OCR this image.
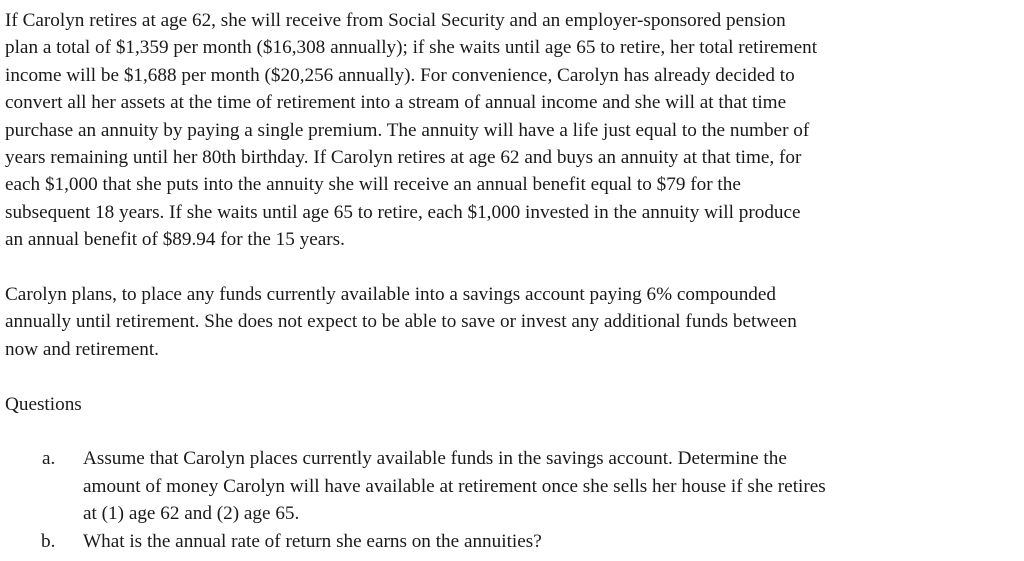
If Carolyn retires at age 62, she will receive from Social Security and an employer-sponsored pension
plan a total of $1,359 per month ($16,308 annually); if she waits until age 65 to retire, her total retirement
income will be $1,688 per month ($20,256 annually). For convenience, Carolyn has already decided to
convert all her assets at the time of retirement into a stream of annual income and she will at that time
purchase an annuity by paying a single premium. The annuity will have a life just equal to the number of
years remaining until her 80th birthday. If Carolyn retires at age 62 and buys an annuity at that time, for
each $1,000 that she puts into the annuity she will receive an annual benefit equal to $79 for the
subsequent 18 years. If she waits until age 65 to retire, each $1,000 invested in the annuity will produce
an annual benefit of $89.94 for the 15 years.

Carolyn plans, to place any funds currently available into a savings account paying 6% compounded
annually until retirement. She does not expect to be able to save or invest any additional funds between
now and retirement.

Questions

a. Assume that Carolyn places currently available funds in the savings account. Determine the
amount of money Carolyn will have available at retirement once she sells her house if she retires
at (1) age 62 and (2) age 65.
b. What is the annual rate of return she earns on the annuities?
